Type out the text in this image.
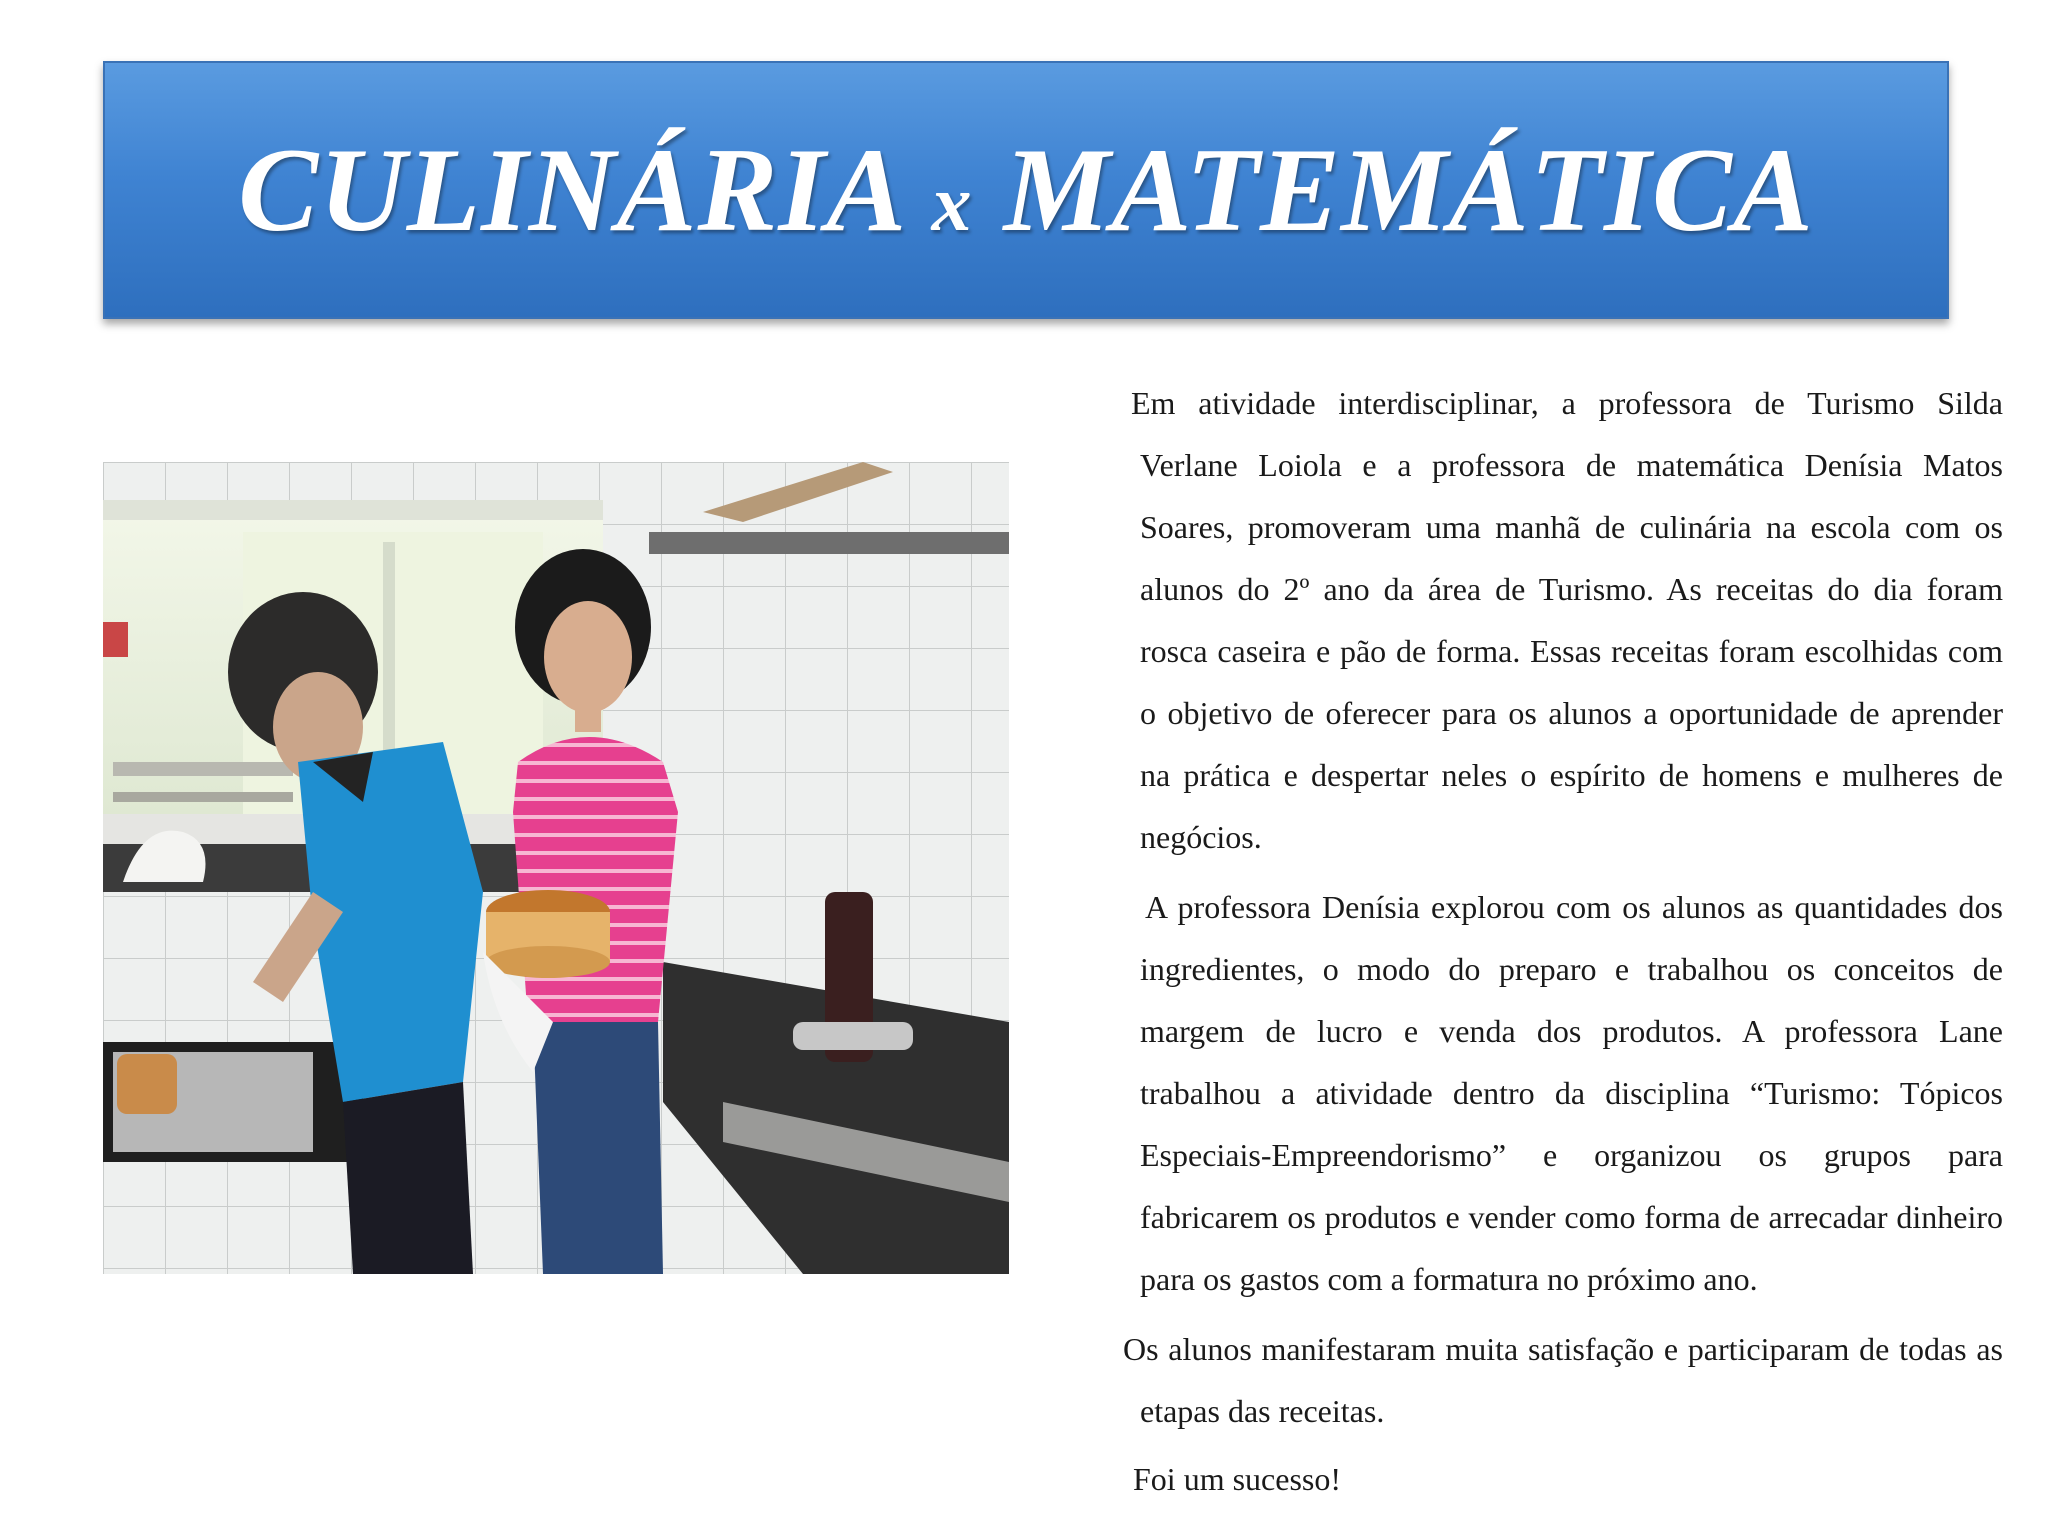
CULINÁRIA x MATEMÁTICA

Em atividade interdisciplinar, a professora de Turismo Silda Verlane Loiola e a professora de matemática Denísia Matos Soares, promoveram uma manhã de culinária na escola com os alunos do 2º ano da área de Turismo. As receitas do dia foram rosca caseira e pão de forma. Essas receitas foram escolhidas com o objetivo de oferecer para os alunos a oportunidade de aprender na prática e despertar neles o espírito de homens e mulheres de negócios.

A professora Denísia explorou com os alunos as quantidades dos ingredientes, o modo do preparo e trabalhou os conceitos de margem de lucro e venda dos produtos. A professora Lane trabalhou a atividade dentro da disciplina “Turismo: Tópicos Especiais-Empreendorismo” e organizou os grupos para fabricarem os produtos e vender como forma de arrecadar dinheiro para os gastos com a formatura no próximo ano.

Os alunos manifestaram muita satisfação e participaram de todas as etapas das receitas.

Foi um sucesso!
